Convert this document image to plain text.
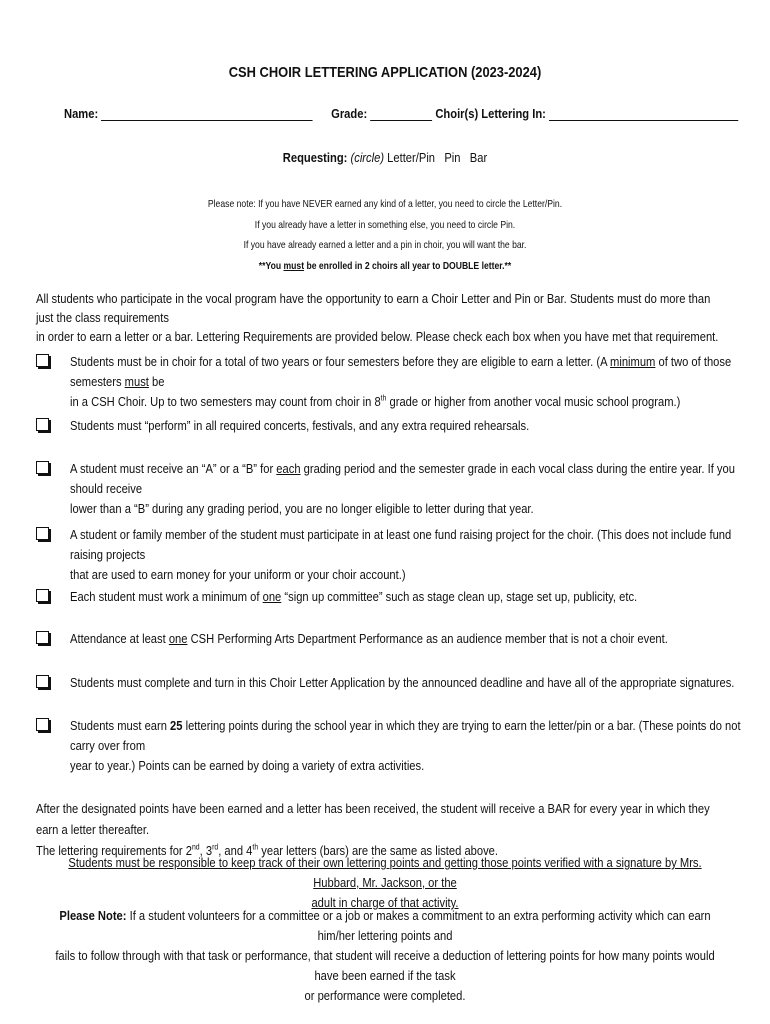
CSH CHOIR LETTERING APPLICATION (2023-2024)
Name:	Grade:	Choir(s) Lettering In:
Requesting: (circle) Letter/Pin   Pin   Bar
Please note: If you have NEVER earned any kind of a letter, you need to circle the Letter/Pin.
If you already have a letter in something else, you need to circle Pin.
If you have already earned a letter and a pin in choir, you will want the bar.
**You must be enrolled in 2 choirs all year to DOUBLE letter.**
All students who participate in the vocal program have the opportunity to earn a Choir Letter and Pin or Bar. Students must do more than just the class requirements
in order to earn a letter or a bar. Lettering Requirements are provided below. Please check each box when you have met that requirement.
Students must be in choir for a total of two years or four semesters before they are eligible to earn a letter. (A minimum of two of those semesters must be
in a CSH Choir. Up to two semesters may count from choir in 8th grade or higher from another vocal music school program.)
Students must “perform” in all required concerts, festivals, and any extra required rehearsals.
A student must receive an “A” or a “B” for each grading period and the semester grade in each vocal class during the entire year. If you should receive
lower than a “B” during any grading period, you are no longer eligible to letter during that year.
A student or family member of the student must participate in at least one fund raising project for the choir. (This does not include fund raising projects
that are used to earn money for your uniform or your choir account.)
Each student must work a minimum of one “sign up committee” such as stage clean up, stage set up, publicity, etc.
Attendance at least one CSH Performing Arts Department Performance as an audience member that is not a choir event.
Students must complete and turn in this Choir Letter Application by the announced deadline and have all of the appropriate signatures.
Students must earn 25 lettering points during the school year in which they are trying to earn the letter/pin or a bar. (These points do not carry over from
year to year.) Points can be earned by doing a variety of extra activities.
After the designated points have been earned and a letter has been received, the student will receive a BAR for every year in which they earn a letter thereafter.
The lettering requirements for 2nd, 3rd, and 4th year letters (bars) are the same as listed above.
Students must be responsible to keep track of their own lettering points and getting those points verified with a signature by Mrs. Hubbard, Mr. Jackson, or the
adult in charge of that activity.
Please Note: If a student volunteers for a committee or a job or makes a commitment to an extra performing activity which can earn him/her lettering points and
fails to follow through with that task or performance, that student will receive a deduction of lettering points for how many points would have been earned if the task
or performance were completed.
